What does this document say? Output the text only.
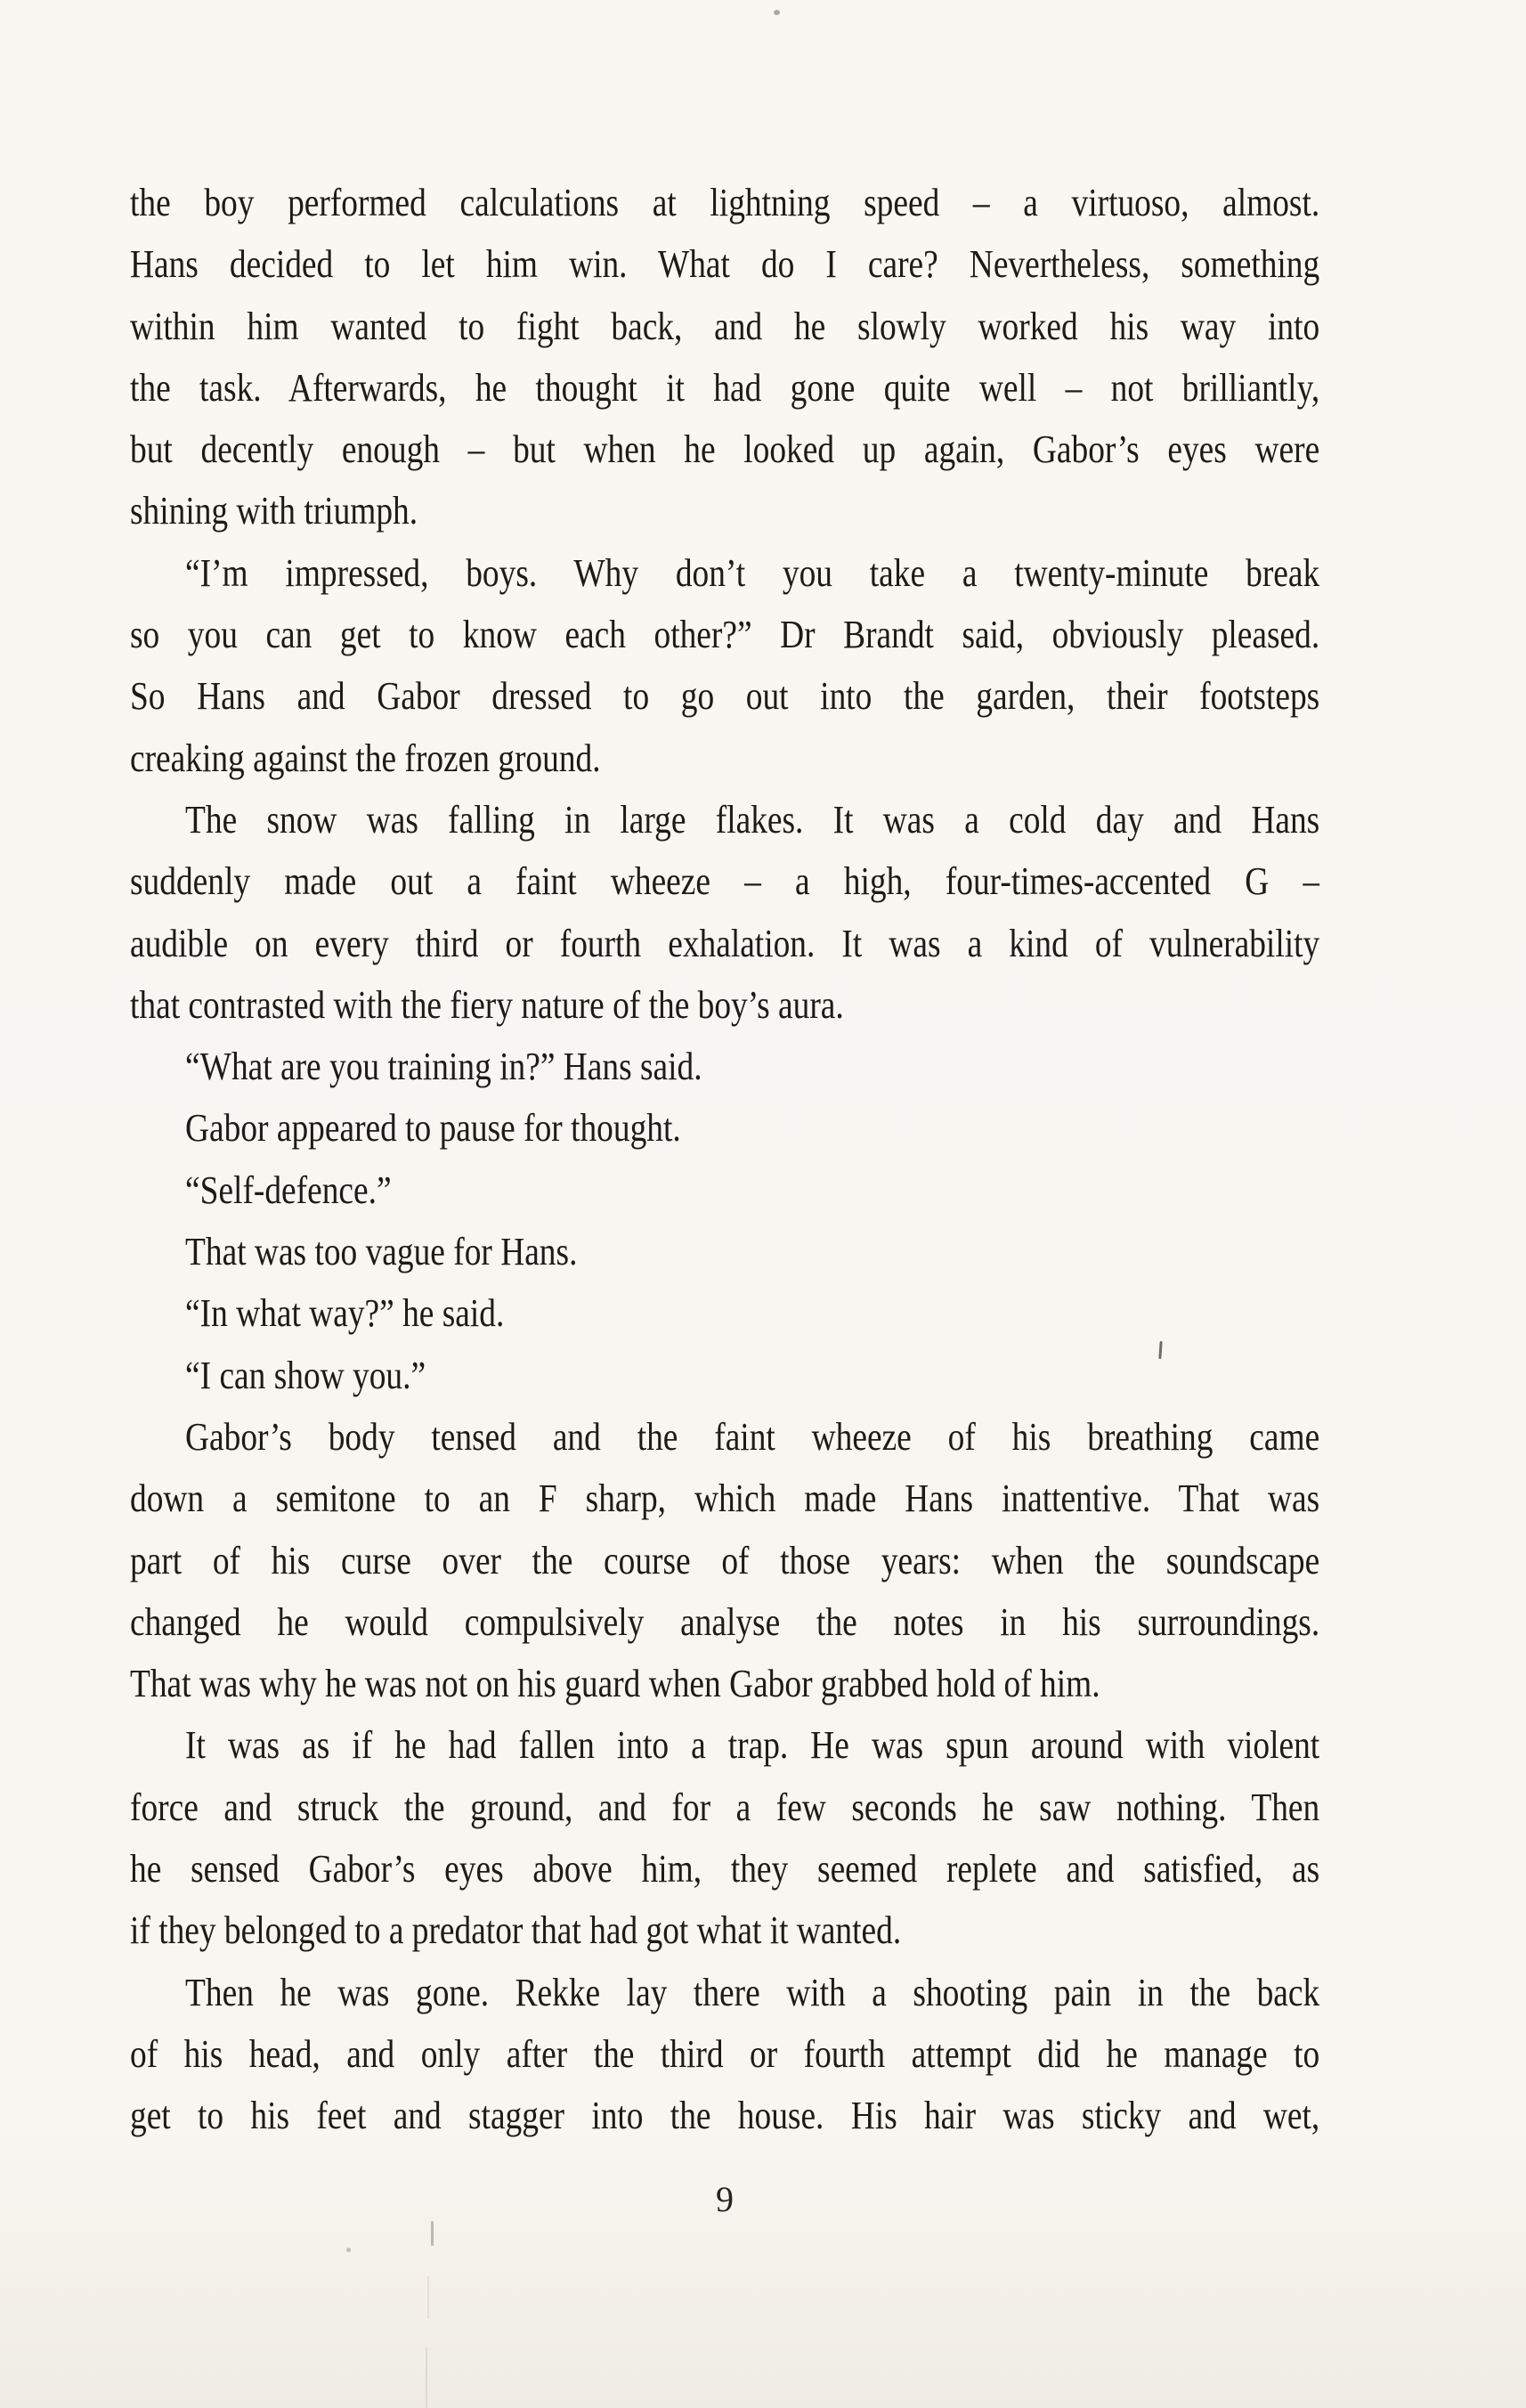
the boy performed calculations at lightning speed – a virtuoso, almost.
Hans decided to let him win. What do I care? Nevertheless, something
within him wanted to fight back, and he slowly worked his way into
the task. Afterwards, he thought it had gone quite well – not brilliantly,
but decently enough – but when he looked up again, Gabor’s eyes were
shining with triumph.
“I’m impressed, boys. Why don’t you take a twenty-minute break
so you can get to know each other?” Dr Brandt said, obviously pleased.
So Hans and Gabor dressed to go out into the garden, their footsteps
creaking against the frozen ground.
The snow was falling in large flakes. It was a cold day and Hans
suddenly made out a faint wheeze – a high, four-times-accented G –
audible on every third or fourth exhalation. It was a kind of vulnerability
that contrasted with the fiery nature of the boy’s aura.
“What are you training in?” Hans said.
Gabor appeared to pause for thought.
“Self-defence.”
That was too vague for Hans.
“In what way?” he said.
“I can show you.”
Gabor’s body tensed and the faint wheeze of his breathing came
down a semitone to an F sharp, which made Hans inattentive. That was
part of his curse over the course of those years: when the soundscape
changed he would compulsively analyse the notes in his surroundings.
That was why he was not on his guard when Gabor grabbed hold of him.
It was as if he had fallen into a trap. He was spun around with violent
force and struck the ground, and for a few seconds he saw nothing. Then
he sensed Gabor’s eyes above him, they seemed replete and satisfied, as
if they belonged to a predator that had got what it wanted.
Then he was gone. Rekke lay there with a shooting pain in the back
of his head, and only after the third or fourth attempt did he manage to
get to his feet and stagger into the house. His hair was sticky and wet,
9
